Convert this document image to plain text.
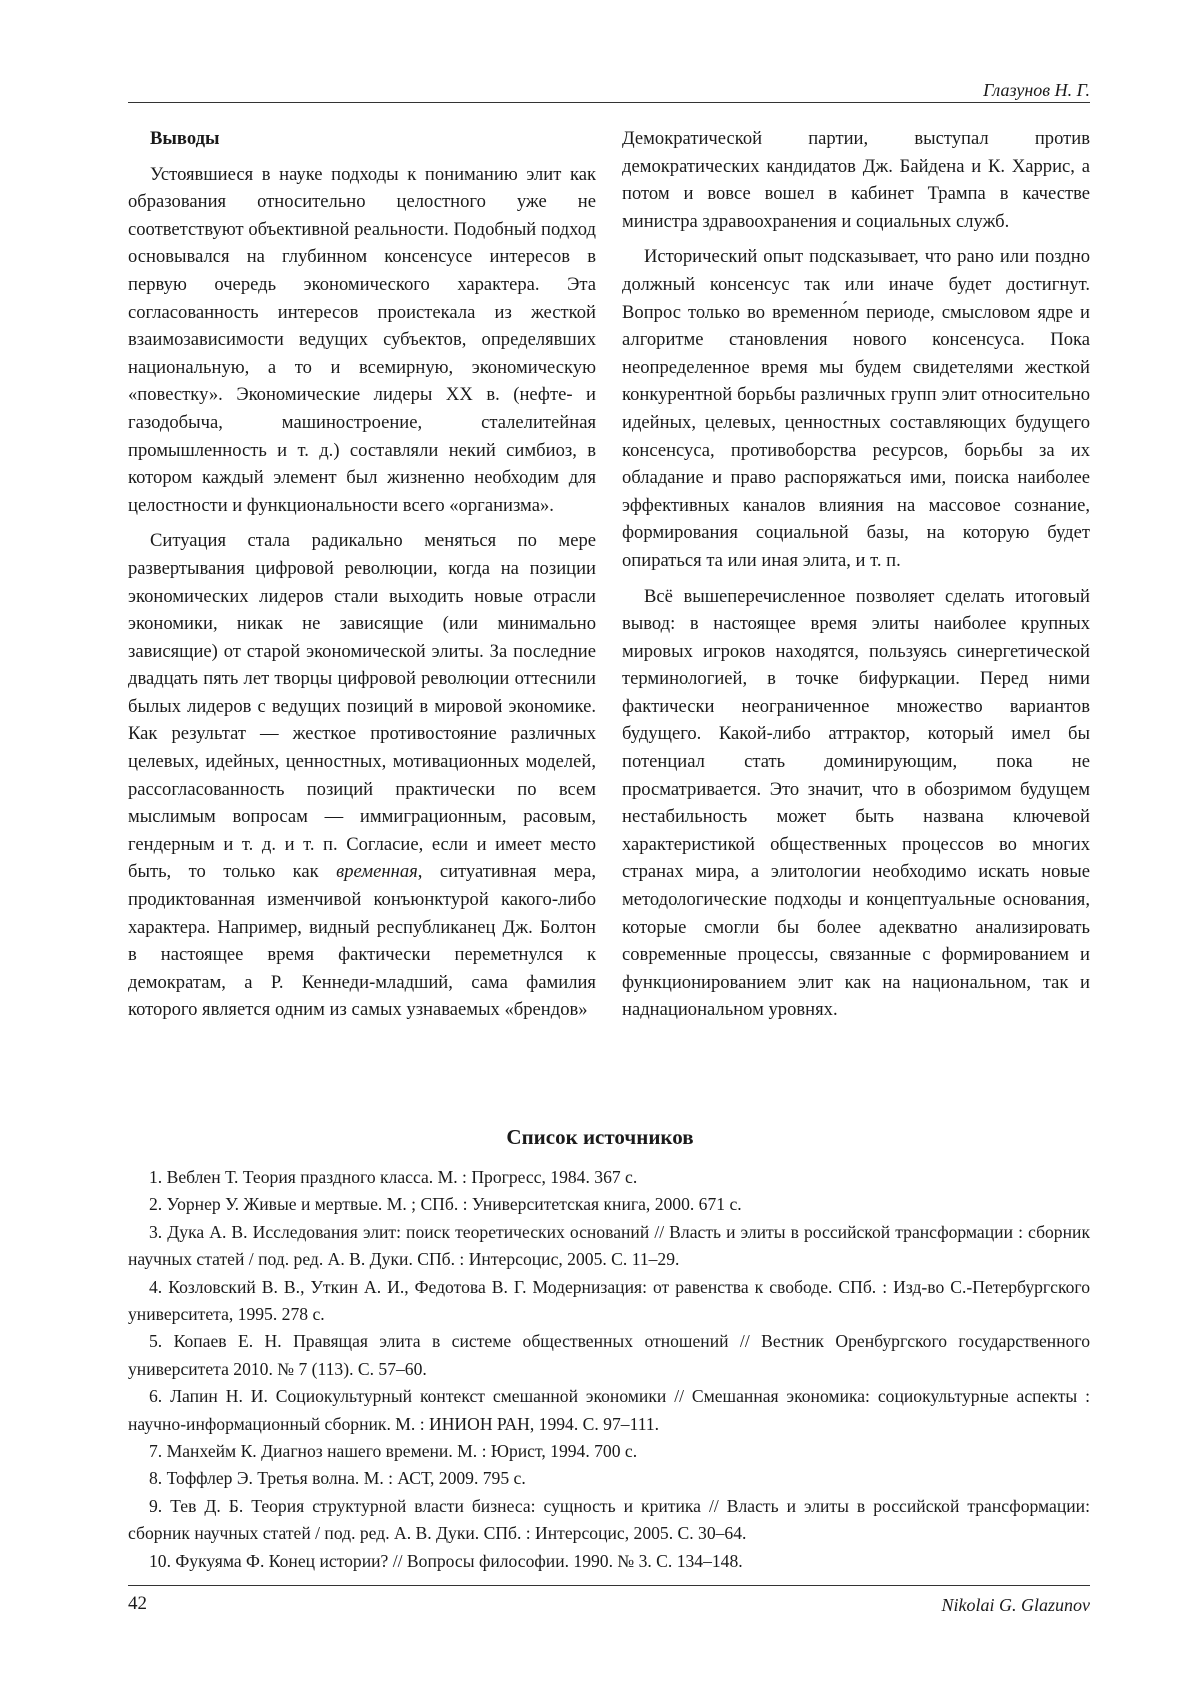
Глазунов Н. Г.

Выводы

Устоявшиеся в науке подходы к пониманию элит как образования относительно целостного уже не соответствуют объективной реальности. Подобный подход основывался на глубинном консенсусе интересов в первую очередь экономического характера. Эта согласованность интересов проистекала из жесткой взаимозависимости ведущих субъектов, определявших национальную, а то и всемирную, экономическую «повестку». Экономические лидеры XX в. (нефте- и газодобыча, машиностроение, сталелитейная промышленность и т. д.) составляли некий симбиоз, в котором каждый элемент был жизненно необходим для целостности и функциональности всего «организма».

Ситуация стала радикально меняться по мере развертывания цифровой революции, когда на позиции экономических лидеров стали выходить новые отрасли экономики, никак не зависящие (или минимально зависящие) от старой экономической элиты. За последние двадцать пять лет творцы цифровой революции оттеснили былых лидеров с ведущих позиций в мировой экономике. Как результат — жесткое противостояние различных целевых, идейных, ценностных, мотивационных моделей, рассогласованность позиций практически по всем мыслимым вопросам — иммиграционным, расовым, гендерным и т. д. и т. п. Согласие, если и имеет место быть, то только как временная, ситуативная мера, продиктованная изменчивой конъюнктурой какого-либо характера. Например, видный республиканец Дж. Болтон в настоящее время фактически переметнулся к демократам, а Р. Кеннеди-младший, сама фамилия которого является одним из самых узнаваемых «брендов»

Демократической партии, выступал против демократических кандидатов Дж. Байдена и К. Харрис, а потом и вовсе вошел в кабинет Трампа в качестве министра здравоохранения и социальных служб.

Исторический опыт подсказывает, что рано или поздно должный консенсус так или иначе будет достигнут. Вопрос только во временно́м периоде, смысловом ядре и алгоритме становления нового консенсуса. Пока неопределенное время мы будем свидетелями жесткой конкурентной борьбы различных групп элит относительно идейных, целевых, ценностных составляющих будущего консенсуса, противоборства ресурсов, борьбы за их обладание и право распоряжаться ими, поиска наиболее эффективных каналов влияния на массовое сознание, формирования социальной базы, на которую будет опираться та или иная элита, и т. п.

Всё вышеперечисленное позволяет сделать итоговый вывод: в настоящее время элиты наиболее крупных мировых игроков находятся, пользуясь синергетической терминологией, в точке бифуркации. Перед ними фактически неограниченное множество вариантов будущего. Какой-либо аттрактор, который имел бы потенциал стать доминирующим, пока не просматривается. Это значит, что в обозримом будущем нестабильность может быть названа ключевой характеристикой общественных процессов во многих странах мира, а элитологии необходимо искать новые методологические подходы и концептуальные основания, которые смогли бы более адекватно анализировать современные процессы, связанные с формированием и функционированием элит как на национальном, так и наднациональном уровнях.

Список источников

1. Веблен Т. Теория праздного класса. М. : Прогресс, 1984. 367 с.

2. Уорнер У. Живые и мертвые. М. ; СПб. : Университетская книга, 2000. 671 с.

3. Дука А. В. Исследования элит: поиск теоретических оснований // Власть и элиты в российской трансформации : сборник научных статей / под. ред. А. В. Дуки. СПб. : Интерсоцис, 2005. С. 11–29.

4. Козловский В. В., Уткин А. И., Федотова В. Г. Модернизация: от равенства к свободе. СПб. : Изд-во С.-Петербургского университета, 1995. 278 с.

5. Копаев Е. Н. Правящая элита в системе общественных отношений // Вестник Оренбургского государственного университета 2010. № 7 (113). С. 57–60.

6. Лапин Н. И. Социокультурный контекст смешанной экономики // Смешанная экономика: социокультурные аспекты : научно-информационный сборник. М. : ИНИОН РАН, 1994. С. 97–111.

7. Манхейм К. Диагноз нашего времени. М. : Юрист, 1994. 700 с.

8. Тоффлер Э. Третья волна. М. : АСТ, 2009. 795 с.

9. Тев Д. Б. Теория структурной власти бизнеса: сущность и критика // Власть и элиты в российской трансформации: сборник научных статей / под. ред. А. В. Дуки. СПб. : Интерсоцис, 2005. С. 30–64.

10. Фукуяма Ф. Конец истории? // Вопросы философии. 1990. № 3. С. 134–148.

42	Nikolai G. Glazunov
